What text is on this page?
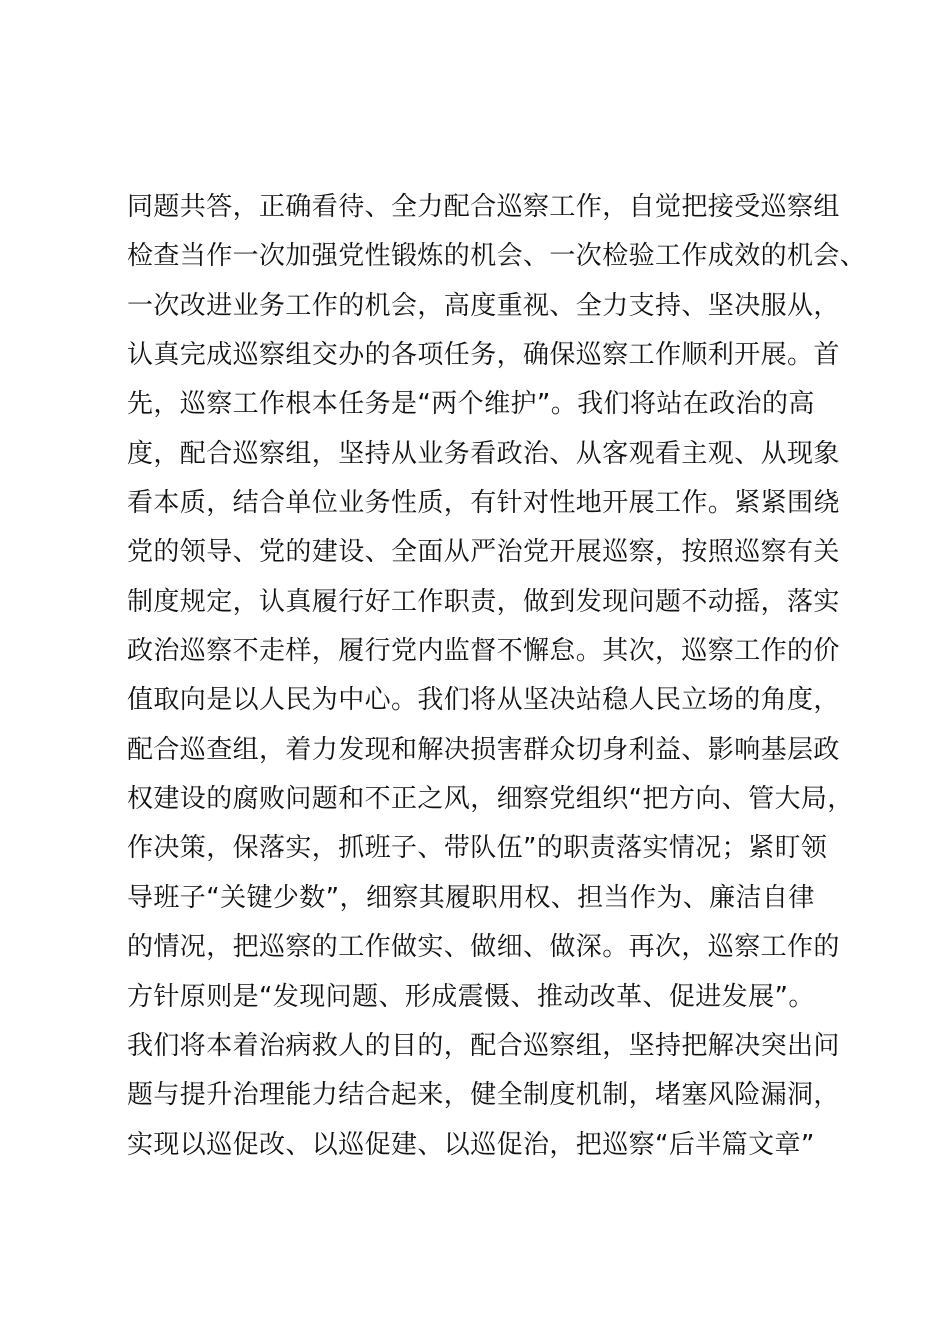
同题共答，正确看待、全力配合巡察工作，自觉把接受巡察组
检查当作一次加强党性锻炼的机会、一次检验工作成效的机会、
一次改进业务工作的机会，高度重视、全力支持、坚决服从，
认真完成巡察组交办的各项任务，确保巡察工作顺利开展。首
先，巡察工作根本任务是“两个维护”。我们将站在政治的高
度，配合巡察组，坚持从业务看政治、从客观看主观、从现象
看本质，结合单位业务性质，有针对性地开展工作。紧紧围绕
党的领导、党的建设、全面从严治党开展巡察，按照巡察有关
制度规定，认真履行好工作职责，做到发现问题不动摇，落实
政治巡察不走样，履行党内监督不懈怠。其次，巡察工作的价
值取向是以人民为中心。我们将从坚决站稳人民立场的角度，
配合巡查组，着力发现和解决损害群众切身利益、影响基层政
权建设的腐败问题和不正之风，细察党组织“把方向、管大局，
作决策，保落实，抓班子、带队伍”的职责落实情况；紧盯领
导班子“关键少数”，细察其履职用权、担当作为、廉洁自律
的情况，把巡察的工作做实、做细、做深。再次，巡察工作的
方针原则是“发现问题、形成震慑、推动改革、促进发展”。
我们将本着治病救人的目的，配合巡察组，坚持把解决突出问
题与提升治理能力结合起来，健全制度机制，堵塞风险漏洞，
实现以巡促改、以巡促建、以巡促治，把巡察“后半篇文章”
